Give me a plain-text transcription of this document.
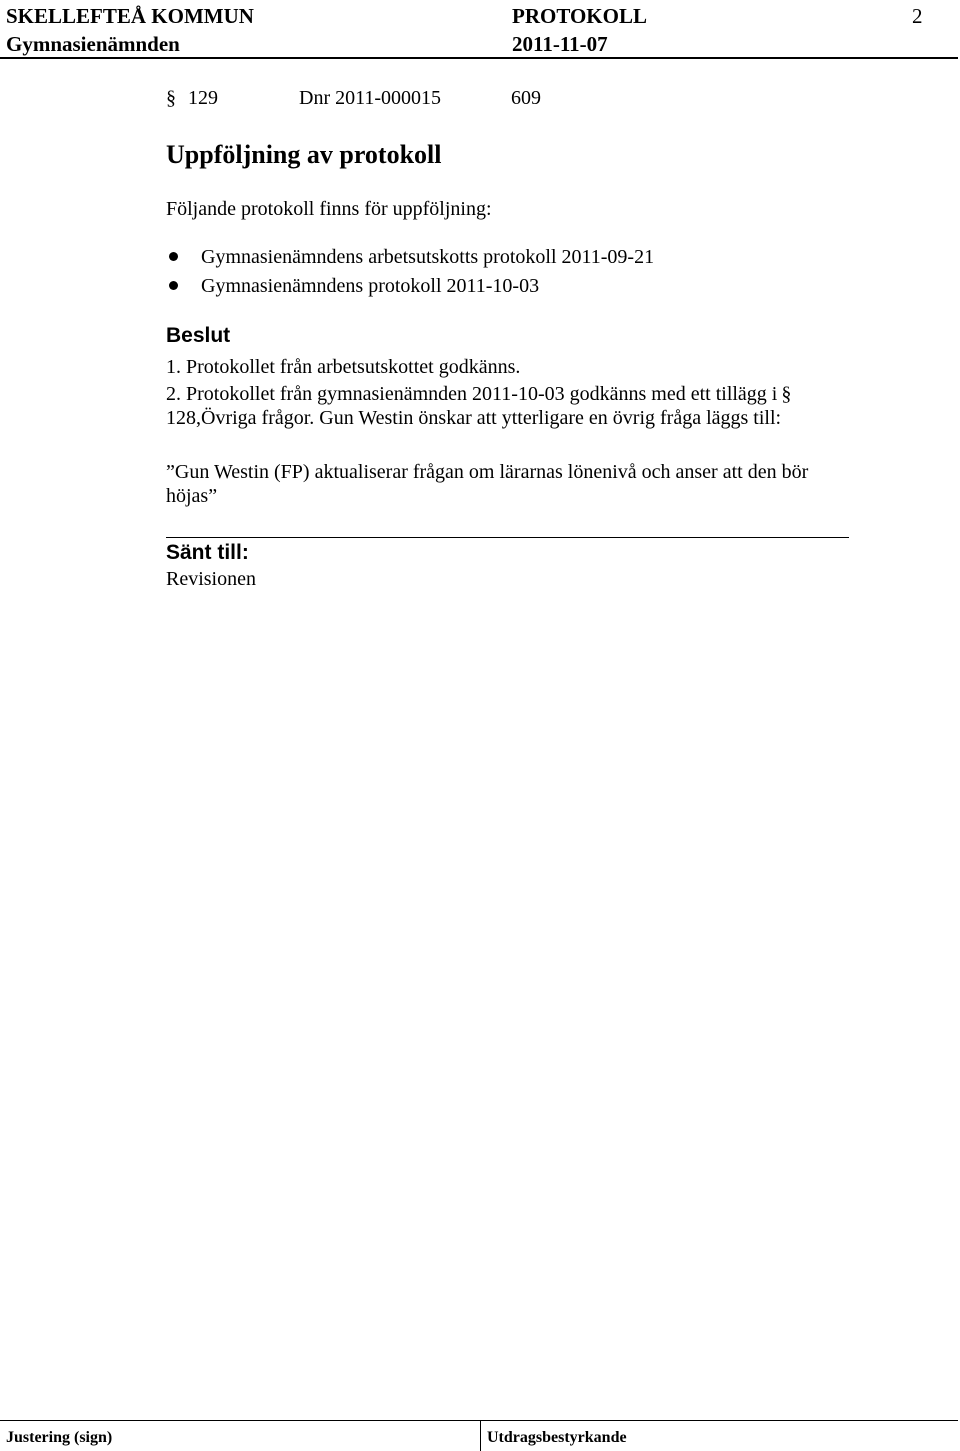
SKELLEFTEÅ KOMMUN	PROTOKOLL	2
Gymnasienämnden	2011-11-07
§ 129	Dnr 2011-000015	609
Uppföljning av protokoll
Följande protokoll finns för uppföljning:
Gymnasienämndens arbetsutskotts protokoll 2011-09-21
Gymnasienämndens protokoll 2011-10-03
Beslut
1. Protokollet från arbetsutskottet godkänns.
2. Protokollet från gymnasienämnden 2011-10-03 godkänns med ett tillägg i §
128,Övriga frågor. Gun Westin önskar att ytterligare en övrig fråga läggs till:
”Gun Westin (FP) aktualiserar frågan om lärarnas lönenivå och anser att den bör
höjas”
Sänt till:
Revisionen
Justering (sign)	Utdragsbestyrkande
